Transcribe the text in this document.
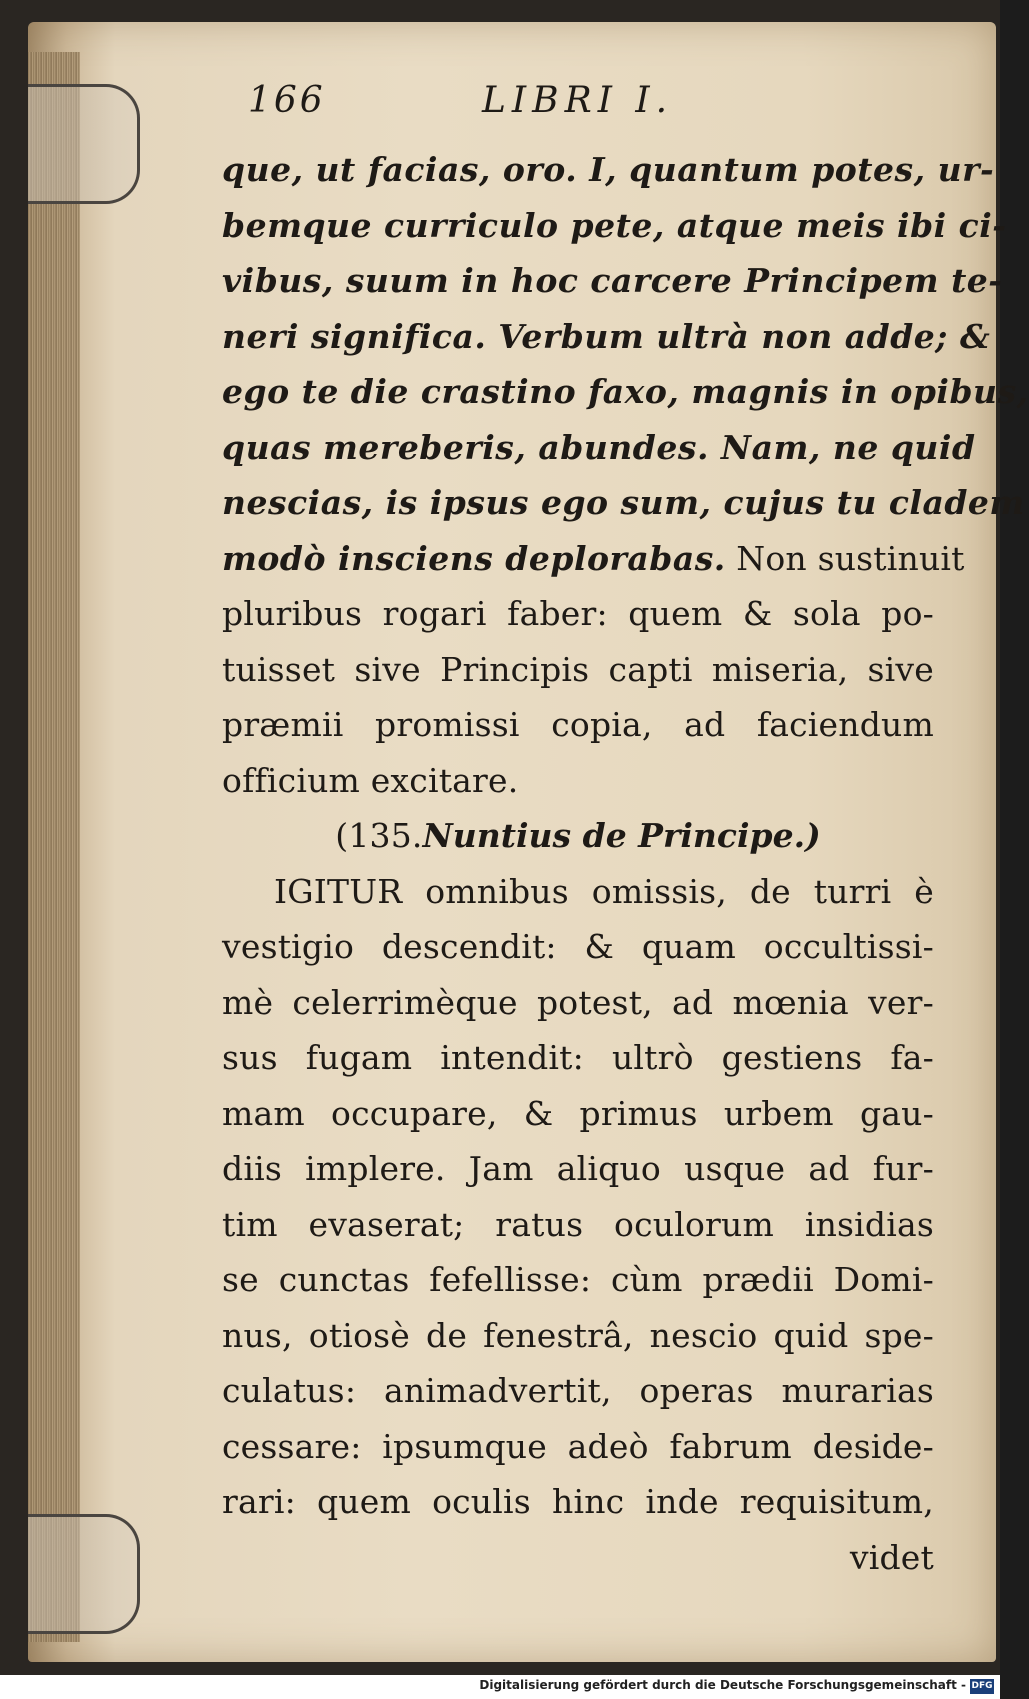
166	LIBRI I.
que, ut facias, oro. I, quantum potes, ur-
bemque curriculo pete, atque meis ibi ci-
vibus, suum in hoc carcere Principem te-
neri significa. Verbum ultrà non adde; &
ego te die crastino faxo, magnis in opibus,
quas mereberis, abundes. Nam, ne quid
nescias, is ipsus ego sum, cujus tu cladem
modò insciens deplorabas. Non sustinuit
pluribus rogari faber: quem & sola po-
tuisset sive Principis capti miseria, sive
præmii promissi copia, ad faciendum
officium excitare.
(135.Nuntius de Principe.)
IGITUR omnibus omissis, de turri è
vestigio descendit: & quam occultissi-
mè celerrimèque potest, ad mœnia ver-
sus fugam intendit: ultrò gestiens fa-
mam occupare, & primus urbem gau-
diis implere. Jam aliquo usque ad fur-
tim evaserat; ratus oculorum insidias
se cunctas fefellisse: cùm prædii Domi-
nus, otiosè de fenestrâ, nescio quid spe-
culatus: animadvertit, operas murarias
cessare: ipsumque adeò fabrum deside-
rari: quem oculis hinc inde requisitum,
videt
Digitalisierung gefördert durch die Deutsche Forschungsgemeinschaft - DFG
